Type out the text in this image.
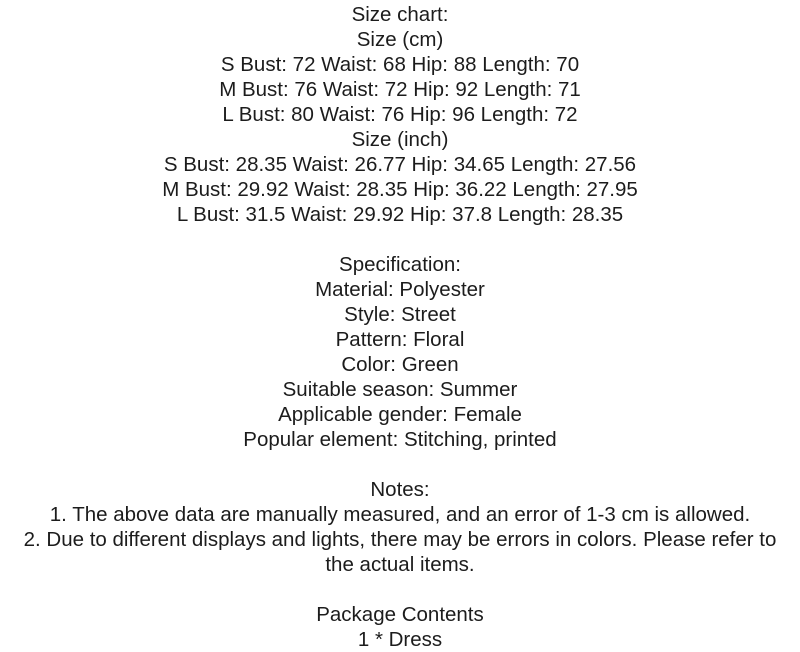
Size chart:
Size (cm)
S Bust: 72 Waist: 68 Hip: 88 Length: 70
M Bust: 76 Waist: 72 Hip: 92 Length: 71
L Bust: 80 Waist: 76 Hip: 96 Length: 72
Size (inch)
S Bust: 28.35 Waist: 26.77 Hip: 34.65 Length: 27.56
M Bust: 29.92 Waist: 28.35 Hip: 36.22 Length: 27.95
L Bust: 31.5 Waist: 29.92 Hip: 37.8 Length: 28.35
Specification:
Material: Polyester
Style: Street
Pattern: Floral
Color: Green
Suitable season: Summer
Applicable gender: Female
Popular element: Stitching, printed
Notes:
1. The above data are manually measured, and an error of 1-3 cm is allowed.
2. Due to different displays and lights, there may be errors in colors. Please refer to the actual items.
Package Contents
1 * Dress
